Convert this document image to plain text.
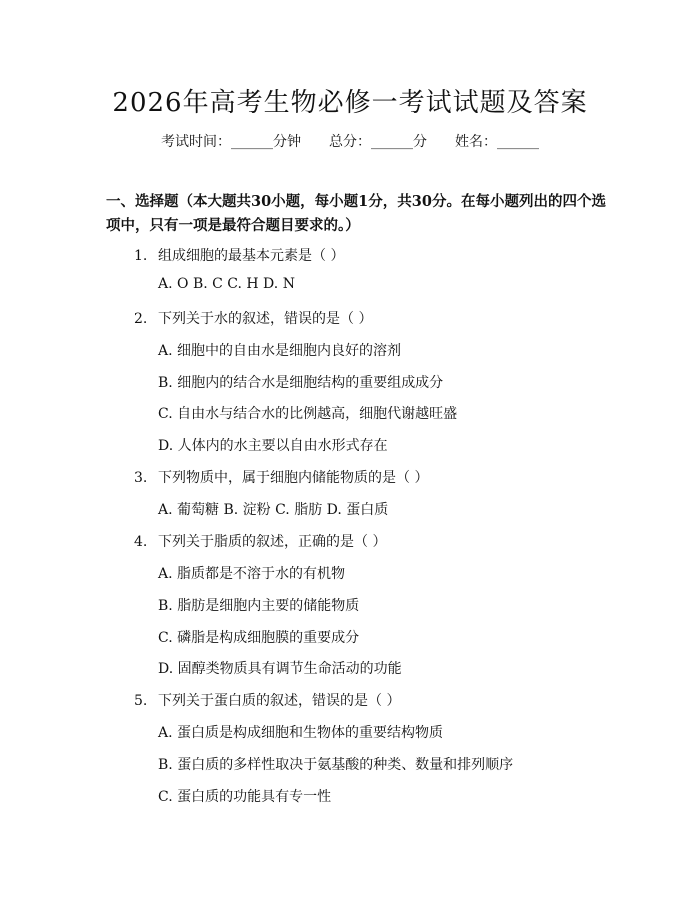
2026年高考生物必修一考试试题及答案
考试时间：______分钟 总分：______分 姓名：______
一、选择题（本大题共30小题，每小题1分，共30分。在每小题列出的四个选项中，只有一项是最符合题目要求的。）
1. 组成细胞的最基本元素是（ ）
A. O B. C C. H D. N
2. 下列关于水的叙述，错误的是（ ）
A. 细胞中的自由水是细胞内良好的溶剂
B. 细胞内的结合水是细胞结构的重要组成成分
C. 自由水与结合水的比例越高，细胞代谢越旺盛
D. 人体内的水主要以自由水形式存在
3. 下列物质中，属于细胞内储能物质的是（ ）
A. 葡萄糖 B. 淀粉 C. 脂肪 D. 蛋白质
4. 下列关于脂质的叙述，正确的是（ ）
A. 脂质都是不溶于水的有机物
B. 脂肪是细胞内主要的储能物质
C. 磷脂是构成细胞膜的重要成分
D. 固醇类物质具有调节生命活动的功能
5. 下列关于蛋白质的叙述，错误的是（ ）
A. 蛋白质是构成细胞和生物体的重要结构物质
B. 蛋白质的多样性取决于氨基酸的种类、数量和排列顺序
C. 蛋白质的功能具有专一性
